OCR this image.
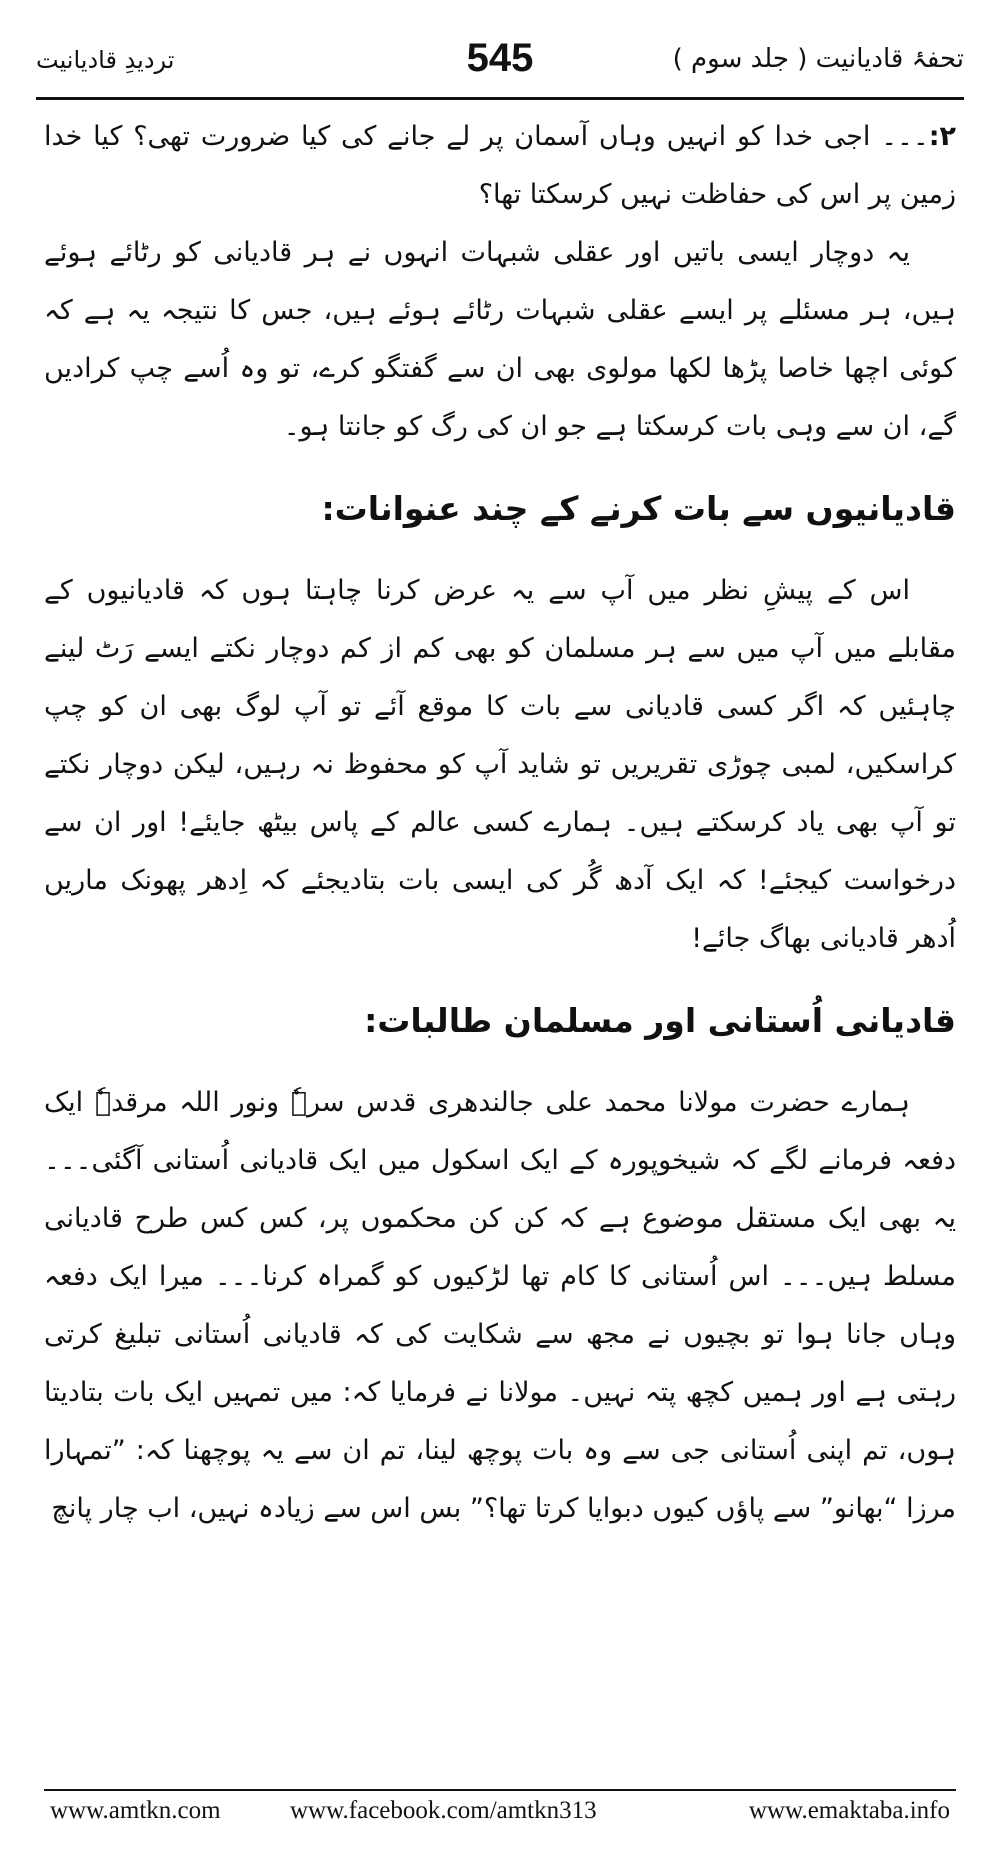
تحفۂ قادیانیت ( جلد سوم )
545
تردیدِ قادیانیت

۲:۔۔۔ اجی خدا کو انہیں وہاں آسمان پر لے جانے کی کیا ضرورت تھی؟ کیا خدا زمین پر اس کی حفاظت نہیں کرسکتا تھا؟

یہ دوچار ایسی باتیں اور عقلی شبہات انہوں نے ہر قادیانی کو رٹائے ہوئے ہیں، ہر مسئلے پر ایسے عقلی شبہات رٹائے ہوئے ہیں، جس کا نتیجہ یہ ہے کہ کوئی اچھا خاصا پڑھا لکھا مولوی بھی ان سے گفتگو کرے، تو وہ اُسے چپ کرادیں گے، ان سے وہی بات کرسکتا ہے جو ان کی رگ کو جانتا ہو۔

قادیانیوں سے بات کرنے کے چند عنوانات:

اس کے پیشِ نظر میں آپ سے یہ عرض کرنا چاہتا ہوں کہ قادیانیوں کے مقابلے میں آپ میں سے ہر مسلمان کو بھی کم از کم دوچار نکتے ایسے رَٹ لینے چاہئیں کہ اگر کسی قادیانی سے بات کا موقع آئے تو آپ لوگ بھی ان کو چپ کراسکیں، لمبی چوڑی تقریریں تو شاید آپ کو محفوظ نہ رہیں، لیکن دوچار نکتے تو آپ بھی یاد کرسکتے ہیں۔ ہمارے کسی عالم کے پاس بیٹھ جایئے! اور ان سے درخواست کیجئے! کہ ایک آدھ گُر کی ایسی بات بتادیجئے کہ اِدھر پھونک ماریں اُدھر قادیانی بھاگ جائے!

قادیانی اُستانی اور مسلمان طالبات:

ہمارے حضرت مولانا محمد علی جالندھری قدس سرہٗ ونور اللہ مرقدہٗ ایک دفعہ فرمانے لگے کہ شیخوپورہ کے ایک اسکول میں ایک قادیانی اُستانی آگئی۔۔۔ یہ بھی ایک مستقل موضوع ہے کہ کن کن محکموں پر، کس کس طرح قادیانی مسلط ہیں۔۔۔ اس اُستانی کا کام تھا لڑکیوں کو گمراہ کرنا۔۔۔ میرا ایک دفعہ وہاں جانا ہوا تو بچیوں نے مجھ سے شکایت کی کہ قادیانی اُستانی تبلیغ کرتی رہتی ہے اور ہمیں کچھ پتہ نہیں۔ مولانا نے فرمایا کہ: میں تمہیں ایک بات بتادیتا ہوں، تم اپنی اُستانی جی سے وہ بات پوچھ لینا، تم ان سے یہ پوچھنا کہ: ”تمہارا مرزا “بھانو” سے پاؤں کیوں دبوایا کرتا تھا؟” بس اس سے زیادہ نہیں، اب چار پانچ

www.amtkn.com	www.facebook.com/amtkn313	www.emaktaba.info
